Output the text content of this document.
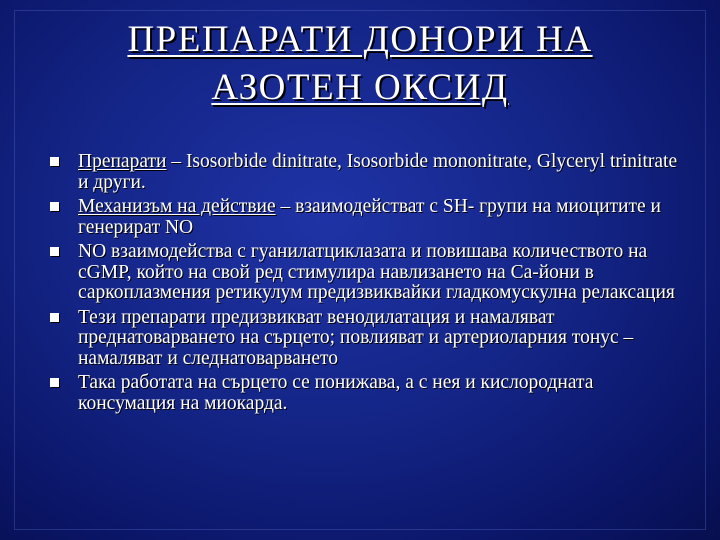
ПРЕПАРАТИ ДОНОРИ НА
АЗОТЕН ОКСИД
Препарати – Isosorbide dinitrate, Isosorbide mononitrate, Glyceryl trinitrate и други.
Механизъм на действие – взаимодействат с SH- групи на миоцитите и генерират NO
NO взаимодейства с гуанилатциклазата и повишава количеството на cGMP, който на свой ред стимулира навлизането на Ca-йони в саркоплазмения ретикулум предизвиквайки гладкомускулна релаксация
Тези препарати предизвикват венодилатация и намаляват преднатоварването на сърцето; повлияват и артериоларния тонус – намаляват и следнатоварването
Така работата на сърцето се понижава, а с нея и кислородната консумация на миокарда.
